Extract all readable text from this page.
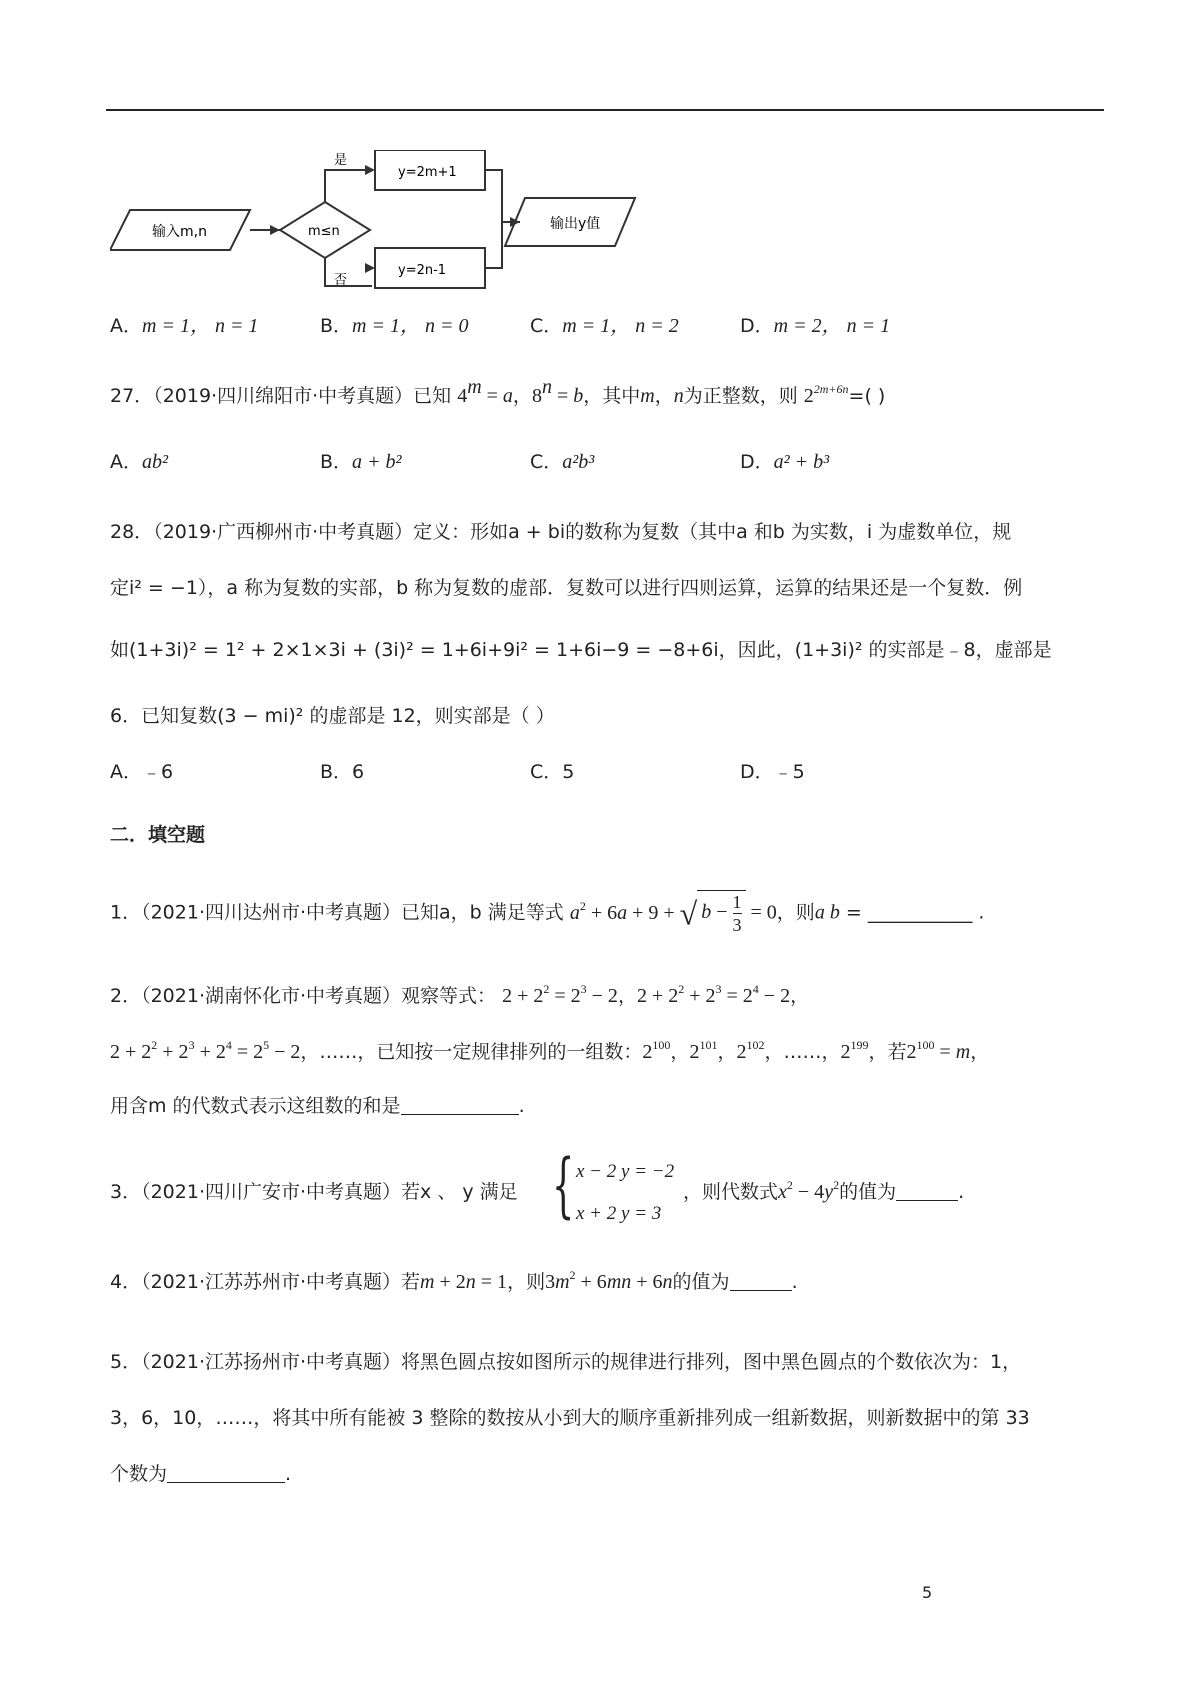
输入m,n	m≤n
是
否
y=2m+1
y=2n-1
输出y值
A．m = 1， n = 1	B．m = 1， n = 0	C．m = 1， n = 2	D．m = 2， n = 1
27．（2019·四川绵阳市·中考真题）已知 $4^m = a$，$8^n = b$，其中m，n为正整数，则 $2^{2m+6n}=$( )
A．ab²	B．a + b²	C．a²b³	D．a² + b³
28．（2019·广西柳州市·中考真题）定义：形如a + bi的数称为复数（其中a 和b 为实数，i 为虚数单位，规
定i² = −1），a 称为复数的实部，b 称为复数的虚部．复数可以进行四则运算，运算的结果还是一个复数．例
如(1+3i)² = 1² + 2×1×3i + (3i)² = 1+6i+9i² = 1+6i−9 = −8+6i，因此，(1+3i)² 的实部是﹣8，虚部是
6．已知复数(3 − mi)² 的虚部是 12，则实部是（ ）
A．﹣6	B．6	C．5	D．﹣5
二．填空题
1．（2021·四川达州市·中考真题）已知a，b 满足等式 $a^2 + 6a + 9$ + √ $b - \frac{1}{3} = 0$，则a b = ___________ .
2．（2021·湖南怀化市·中考真题）观察等式： $2 + 2^2 = 2^3 - 2$，$2 + 2^2 + 2^3 = 2^4 - 2$，
$2 + 2^2 + 2^3 + 2^4 = 2^5 - 2$，……，已知按一定规律排列的一组数：$2^{100}$，$2^{101}$，$2^{102}$，……，$2^{199}$，若$2^{100} = m$，
用含m 的代数式表示这组数的和是	.
3．（2021·四川广安市·中考真题）若x 、 y 满足 { x − 2 y = −2
x + 2 y = 3
，则代数式$x^2 - 4y^2$的值为	.
4．（2021·江苏苏州市·中考真题）若m + 2n = 1，则$3m^2 + 6mn + 6n$的值为	.
5．（2021·江苏扬州市·中考真题）将黑色圆点按如图所示的规律进行排列，图中黑色圆点的个数依次为：1，
3，6，10，……，将其中所有能被 3 整除的数按从小到大的顺序重新排列成一组新数据，则新数据中的第 33
个数为	.
5
